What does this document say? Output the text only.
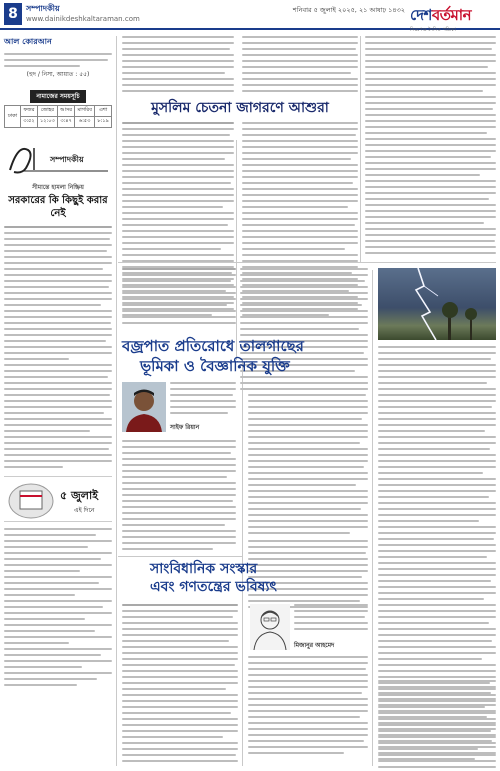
8	সম্পাদকীয়
www.dainikdeshkaltaraman.com
শনিবার ৫ জুলাই ২০২৫, ২১ আষাঢ় ১৪৩২ দেশবর্তমান
নিরপেক্ষ দৈনিক পত্রিকা
আল কোরআন
(হুদ / নিসা, আয়াত : ৫৫)
নামাজের সময়সূচি
ঢাকা	ফজর	জোহর	আসর	মাগরিব	এশা
	৩:৫২	১২:০৩	৩:৪৭	৬:৫৩	৮:১৯
সম্পাদকীয়
সীমান্তে হামলা নিষ্ক্রিয়
সরকারের কি কিছুই করার নেই
৫ জুলাই
এই দিনে
মুসলিম চেতনা জাগরণে আশুরা
বজ্রপাত প্রতিরোধে তালগাছের
ভূমিকা ও বৈজ্ঞানিক যুক্তি
সাইফ রিয়ান
সাংবিধানিক সংস্কার
এবং গণতন্ত্রের ভবিষ্যৎ
মিজানুর আহমেদ
